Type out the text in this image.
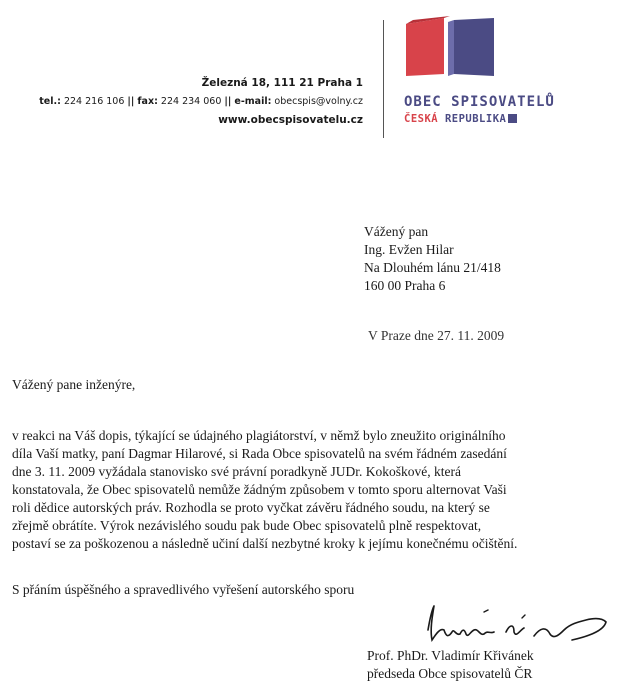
Železná 18, 111 21 Praha 1
tel.: 224 216 106 || fax: 224 234 060 || e-mail: obecspis@volny.cz
www.obecspisovatelu.cz
OBEC SPISOVATELŮ
ČESKÁ REPUBLIKA
Vážený pan
Ing. Evžen Hilar
Na Dlouhém lánu 21/418
160 00 Praha 6
V Praze dne 27. 11. 2009
Vážený pane inženýre,
v reakci na Váš dopis, týkající se údajného plagiátorství, v němž bylo zneužito originálního
díla Vaší matky, paní Dagmar Hilarové, si Rada Obce spisovatelů na svém řádném zasedání
dne 3. 11. 2009 vyžádala stanovisko své právní poradkyně JUDr. Kokoškové, která
konstatovala, že Obec spisovatelů nemůže žádným způsobem v tomto sporu alternovat Vaši
roli dědice autorských práv. Rozhodla se proto vyčkat závěru řádného soudu, na který se
zřejmě obrátíte. Výrok nezávislého soudu pak bude Obec spisovatelů plně respektovat,
postaví se za poškozenou a následně učiní další nezbytné kroky k jejímu konečnému očištění.
S přáním úspěšného a spravedlivého vyřešení autorského sporu
Prof. PhDr. Vladimír Křivánek
předseda Obce spisovatelů ČR
